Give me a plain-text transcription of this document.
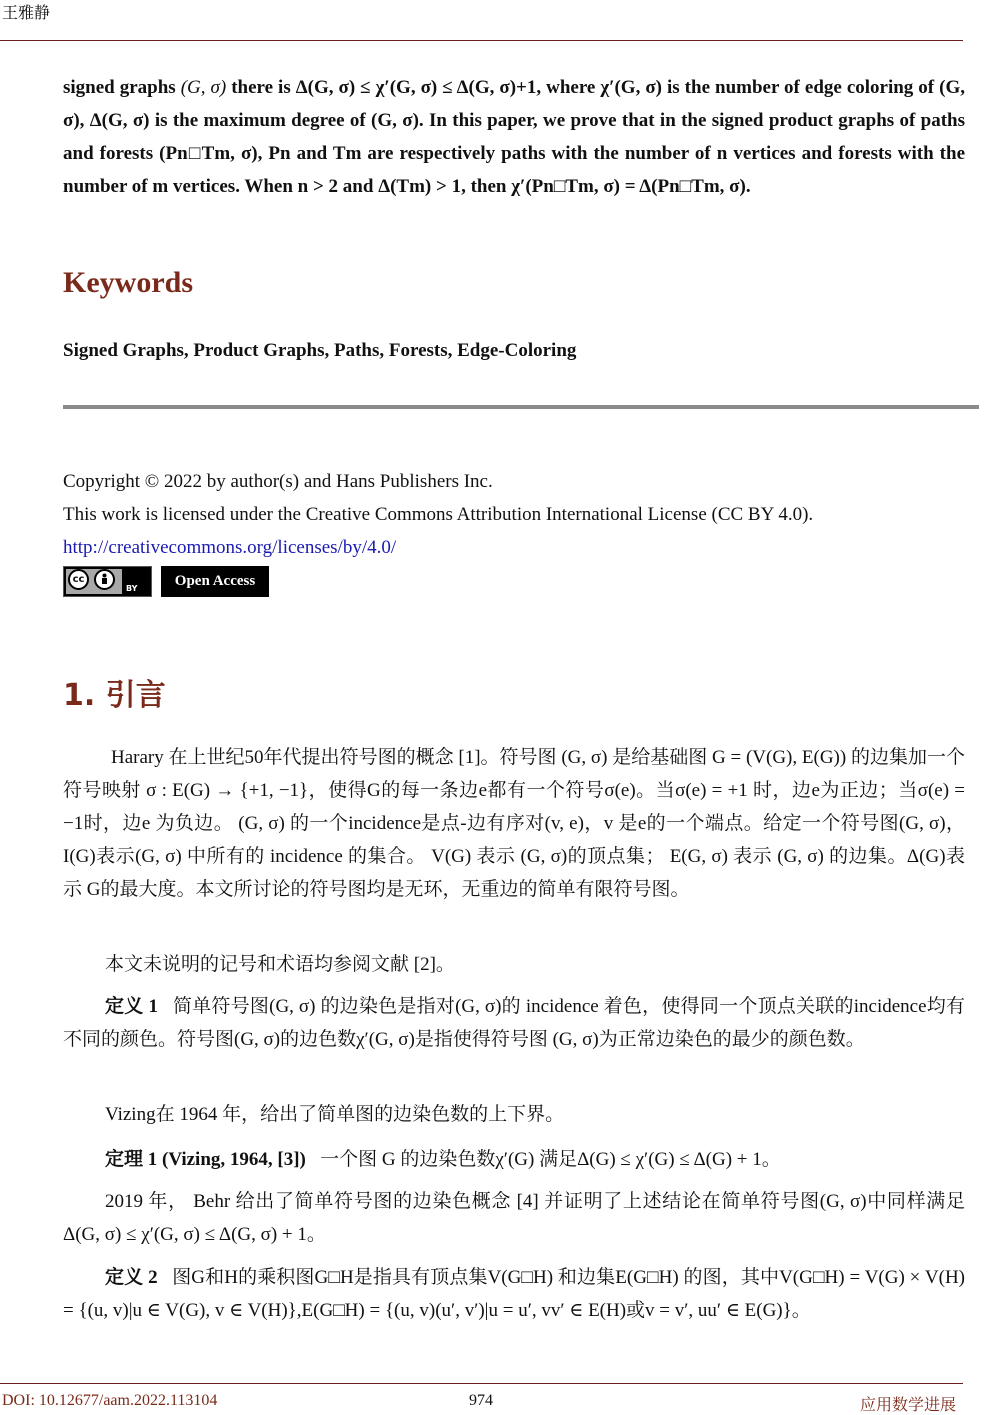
王雅静
signed graphs (G, σ) there is Δ(G, σ) ≤ χ′(G, σ) ≤ Δ(G, σ)+1, where χ′(G, σ) is the number of edge coloring of (G, σ), Δ(G, σ) is the maximum degree of (G, σ). In this paper, we prove that in the signed product graphs of paths and forests (Pn□Tm, σ), Pn and Tm are respectively paths with the number of n vertices and forests with the number of m vertices. When n > 2 and Δ(Tm) > 1, then χ′(Pn□Tm, σ) = Δ(Pn□Tm, σ).
Keywords
Signed Graphs, Product Graphs, Paths, Forests, Edge-Coloring
Copyright © 2022 by author(s) and Hans Publishers Inc.
This work is licensed under the Creative Commons Attribution International License (CC BY 4.0).
http://creativecommons.org/licenses/by/4.0/
cc
BY	Open Access
1. 引言
Harary 在上世纪50年代提出符号图的概念 [1]。符号图 (G, σ) 是给基础图 G = (V(G), E(G)) 的边集加一个符号映射 σ : E(G) → {+1, −1}，使得G的每一条边e都有一个符号σ(e)。当σ(e) = +1 时，边e为正边；当σ(e) = −1时，边e 为负边。 (G, σ) 的一个incidence是点-边有序对(v, e)，v 是e的一个端点。给定一个符号图(G, σ)，I(G)表示(G, σ) 中所有的 incidence 的集合。 V(G) 表示 (G, σ)的顶点集； E(G, σ) 表示 (G, σ) 的边集。Δ(G)表示 G的最大度。本文所讨论的符号图均是无环，无重边的简单有限符号图。
本文未说明的记号和术语均参阅文献 [2]。
定义 1 简单符号图(G, σ) 的边染色是指对(G, σ)的 incidence 着色，使得同一个顶点关联的incidence均有不同的颜色。符号图(G, σ)的边色数χ′(G, σ)是指使得符号图 (G, σ)为正常边染色的最少的颜色数。
Vizing在 1964 年，给出了简单图的边染色数的上下界。
定理 1 (Vizing, 1964, [3]) 一个图 G 的边染色数χ′(G) 满足Δ(G) ≤ χ′(G) ≤ Δ(G) + 1。
2019 年， Behr 给出了简单符号图的边染色概念 [4] 并证明了上述结论在简单符号图(G, σ)中同样满足Δ(G, σ) ≤ χ′(G, σ) ≤ Δ(G, σ) + 1。
定义 2 图G和H的乘积图G□H是指具有顶点集V(G□H) 和边集E(G□H) 的图，其中V(G□H) = V(G) × V(H) = {(u, v)|u ∈ V(G), v ∈ V(H)},E(G□H) = {(u, v)(u′, v′)|u = u′, vv′ ∈ E(H)或v = v′, uu′ ∈ E(G)}。
DOI: 10.12677/aam.2022.113104	974	应用数学进展
